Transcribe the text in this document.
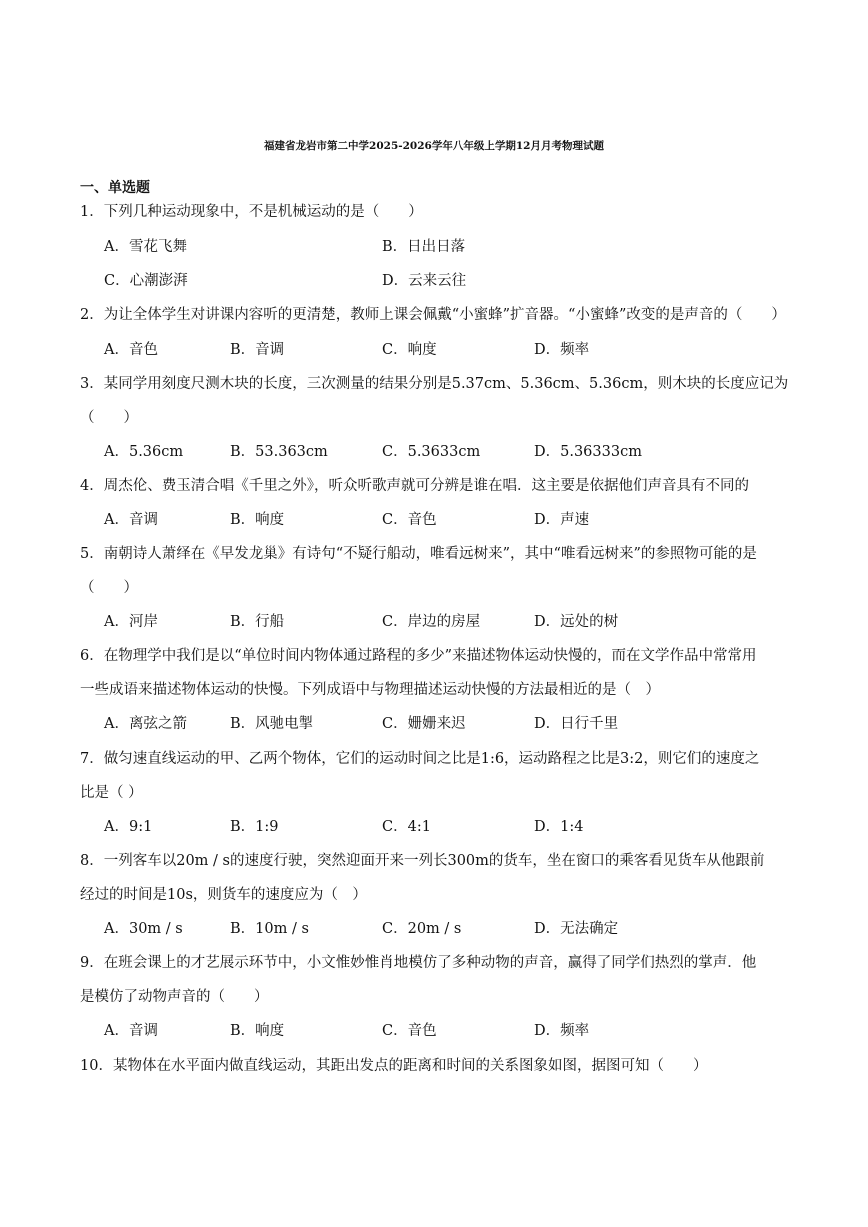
福建省龙岩市第二中学2025-2026学年八年级上学期12月月考物理试题
一、单选题
1．下列几种运动现象中，不是机械运动的是（　　）
A．雪花飞舞	B．日出日落
C．心潮澎湃	D．云来云往
2．为让全体学生对讲课内容听的更清楚，教师上课会佩戴“小蜜蜂”扩音器。“小蜜蜂”改变的是声音的（　　）
A．音色	B．音调	C．响度	D．频率
3．某同学用刻度尺测木块的长度，三次测量的结果分别是5.37cm、5.36cm、5.36cm，则木块的长度应记为
（　　）
A．5.36cm	B．53.363cm	C．5.3633cm	D．5.36333cm
4．周杰伦、费玉清合唱《千里之外》，听众听歌声就可分辨是谁在唱．这主要是依据他们声音具有不同的
A．音调	B．响度	C．音色	D．声速
5．南朝诗人萧绎在《早发龙巢》有诗句“不疑行船动，唯看远树来”，其中“唯看远树来”的参照物可能的是
（　　）
A．河岸	B．行船	C．岸边的房屋	D．远处的树
6．在物理学中我们是以“单位时间内物体通过路程的多少”来描述物体运动快慢的，而在文学作品中常常用
一些成语来描述物体运动的快慢。下列成语中与物理描述运动快慢的方法最相近的是（　）
A．离弦之箭	B．风驰电掣	C．姗姗来迟	D．日行千里
7．做匀速直线运动的甲、乙两个物体，它们的运动时间之比是1:6，运动路程之比是3:2，则它们的速度之
比是（ ）
A．9:1	B．1:9	C．4:1	D．1:4
8．一列客车以20m / s的速度行驶，突然迎面开来一列长300m的货车，坐在窗口的乘客看见货车从他跟前
经过的时间是10s，则货车的速度应为（　）
A．30m / s	B．10m / s	C．20m / s	D．无法确定
9．在班会课上的才艺展示环节中，小文惟妙惟肖地模仿了多种动物的声音，赢得了同学们热烈的掌声．他
是模仿了动物声音的（　　）
A．音调	B．响度	C．音色	D．频率
10．某物体在水平面内做直线运动，其距出发点的距离和时间的关系图象如图，据图可知（　　）
